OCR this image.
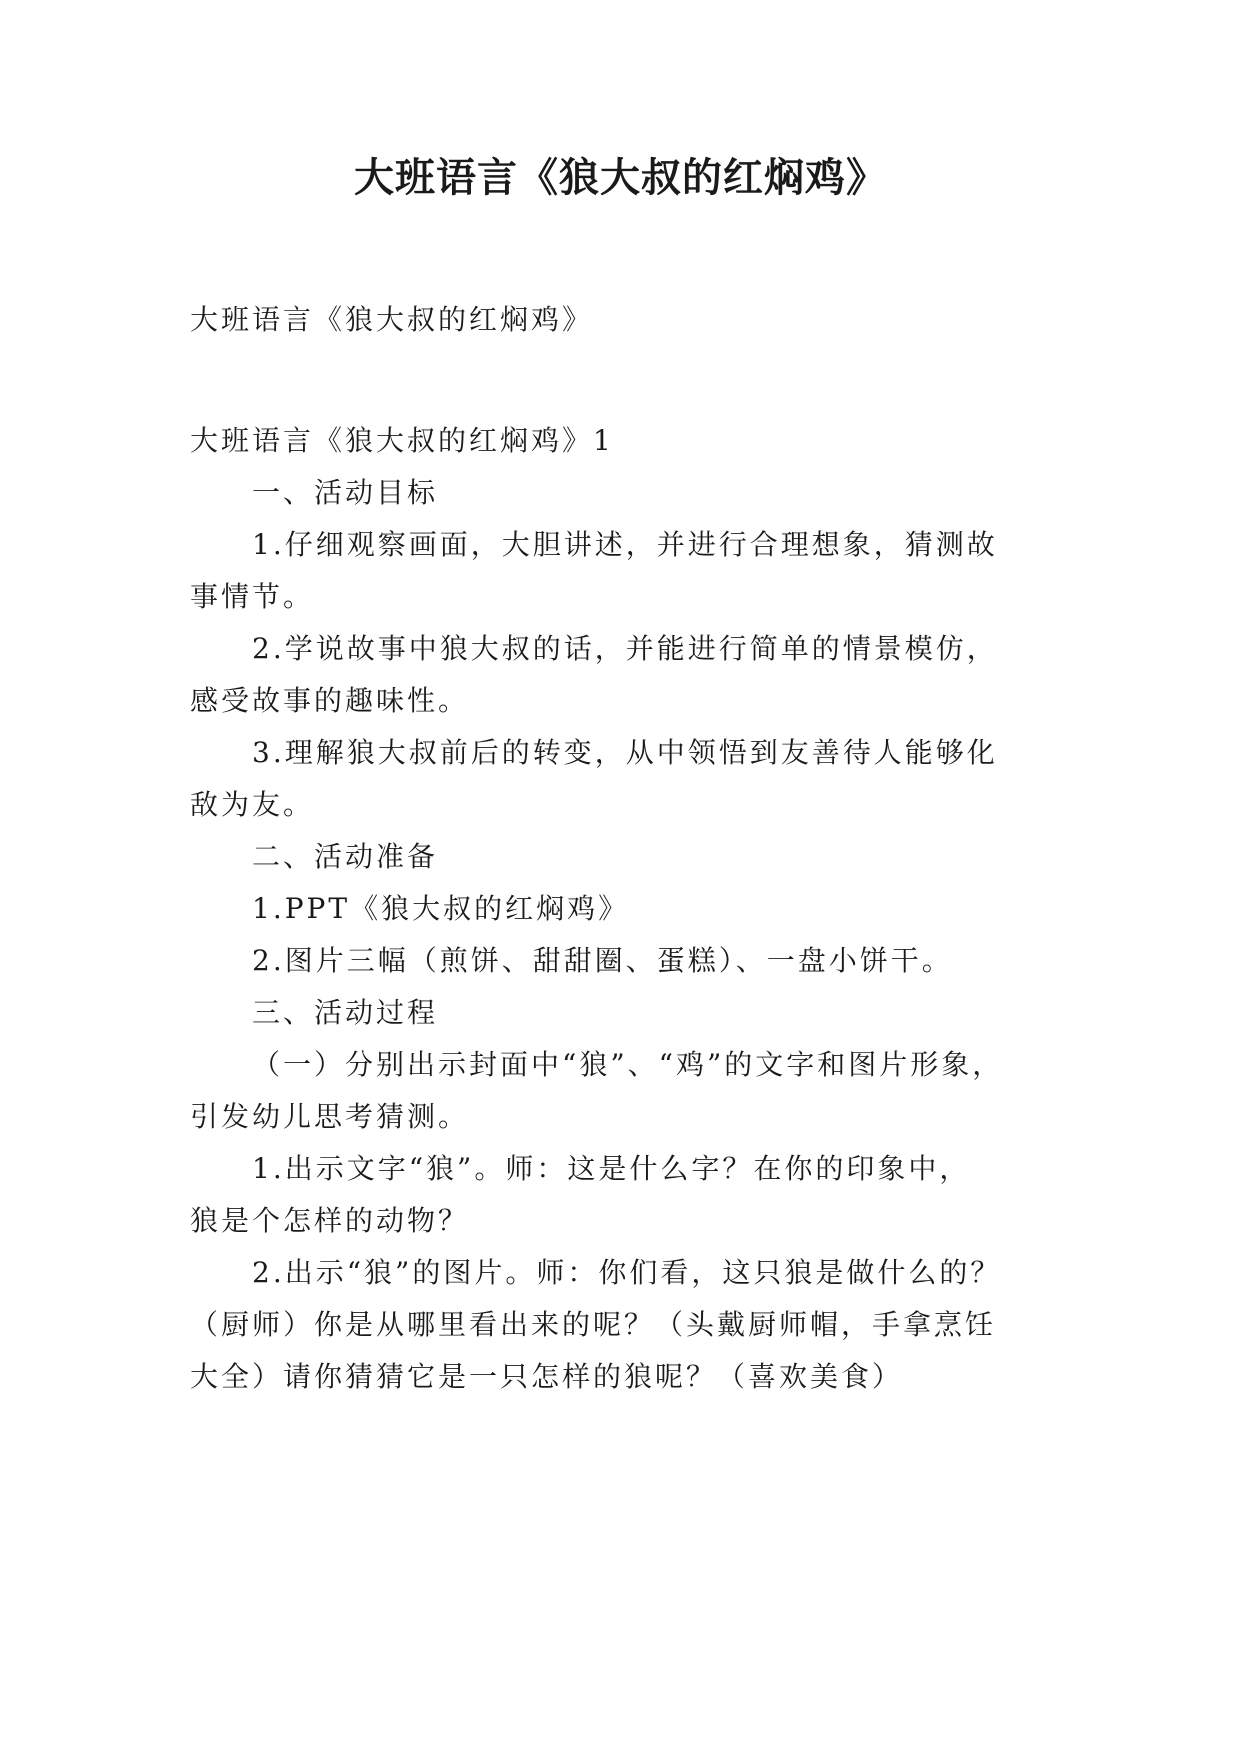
大班语言《狼大叔的红焖鸡》
大班语言《狼大叔的红焖鸡》
大班语言《狼大叔的红焖鸡》1
一、活动目标
1.仔细观察画面，大胆讲述，并进行合理想象，猜测故
事情节。
2.学说故事中狼大叔的话，并能进行简单的情景模仿，
感受故事的趣味性。
3.理解狼大叔前后的转变，从中领悟到友善待人能够化
敌为友。
二、活动准备
1.PPT《狼大叔的红焖鸡》
2.图片三幅（煎饼、甜甜圈、蛋糕）、一盘小饼干。
三、活动过程
（一）分别出示封面中“狼”、“鸡”的文字和图片形象，
引发幼儿思考猜测。
1.出示文字“狼”。师：这是什么字？在你的印象中，
狼是个怎样的动物？
2.出示“狼”的图片。师：你们看，这只狼是做什么的？
（厨师）你是从哪里看出来的呢？（头戴厨师帽，手拿烹饪
大全）请你猜猜它是一只怎样的狼呢？（喜欢美食）
